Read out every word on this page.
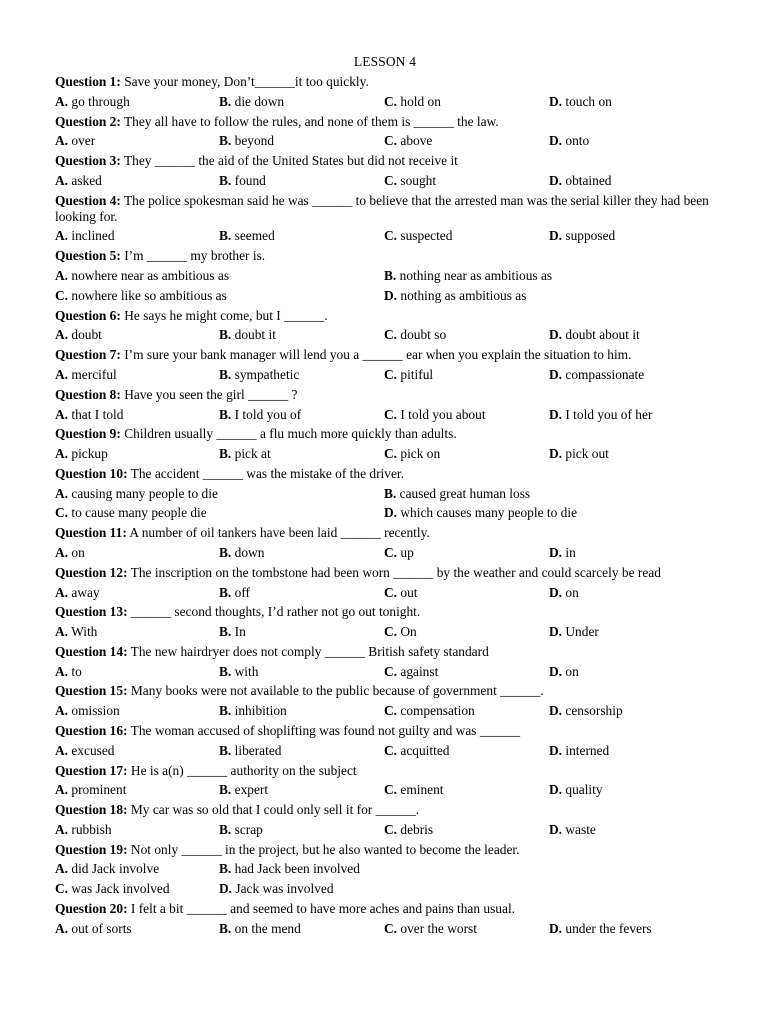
LESSON 4
Question 1: Save your money, Don’t______it too quickly.
A. go through	B. die down	C. hold on	D. touch on
Question 2: They all have to follow the rules, and none of them is ______ the law.
A. over	B. beyond	C. above	D. onto
Question 3: They ______ the aid of the United States but did not receive it
A. asked	B. found	C. sought	D. obtained
Question 4: The police spokesman said he was ______ to believe that the arrested man was the serial killer they had been looking for.
A. inclined	B. seemed	C. suspected	D. supposed
Question 5: I’m ______ my brother is.
A. nowhere near as ambitious as	B. nothing near as ambitious as
C. nowhere like so ambitious as	D. nothing as ambitious as
Question 6: He says he might come, but I ______.
A. doubt	B. doubt it	C. doubt so	D. doubt about it
Question 7: I’m sure your bank manager will lend you a ______ ear when you explain the situation to him.
A. merciful	B. sympathetic	C. pitiful	D. compassionate
Question 8: Have you seen the girl ______ ?
A. that I told	B. I told you of	C. I told you about	D. I told you of her
Question 9: Children usually ______ a flu much more quickly than adults.
A. pickup	B. pick at	C. pick on	D. pick out
Question 10: The accident ______ was the mistake of the driver.
A. causing many people to die	B. caused great human loss
C. to cause many people die	D. which causes many people to die
Question 11: A number of oil tankers have been laid ______ recently.
A. on	B. down	C. up	D. in
Question 12: The inscription on the tombstone had been worn ______ by the weather and could scarcely be read
A. away	B. off	C. out	D. on
Question 13: ______ second thoughts, I’d rather not go out tonight.
A. With	B. In	C. On	D. Under
Question 14: The new hairdryer does not comply ______ British safety standard
A. to	B. with	C. against	D. on
Question 15: Many books were not available to the public because of government ______.
A. omission	B. inhibition	C. compensation	D. censorship
Question 16: The woman accused of shoplifting was found not guilty and was ______
A. excused	B. liberated	C. acquitted	D. interned
Question 17: He is a(n) ______ authority on the subject
A. prominent	B. expert	C. eminent	D. quality
Question 18: My car was so old that I could only sell it for ______.
A. rubbish	B. scrap	C. debris	D. waste
Question 19: Not only ______ in the project, but he also wanted to become the leader.
A. did Jack involve	B. had Jack been involved
C. was Jack involved	D. Jack was involved
Question 20: I felt a bit ______ and seemed to have more aches and pains than usual.
A. out of sorts	B. on the mend	C. over the worst	D. under the fevers
